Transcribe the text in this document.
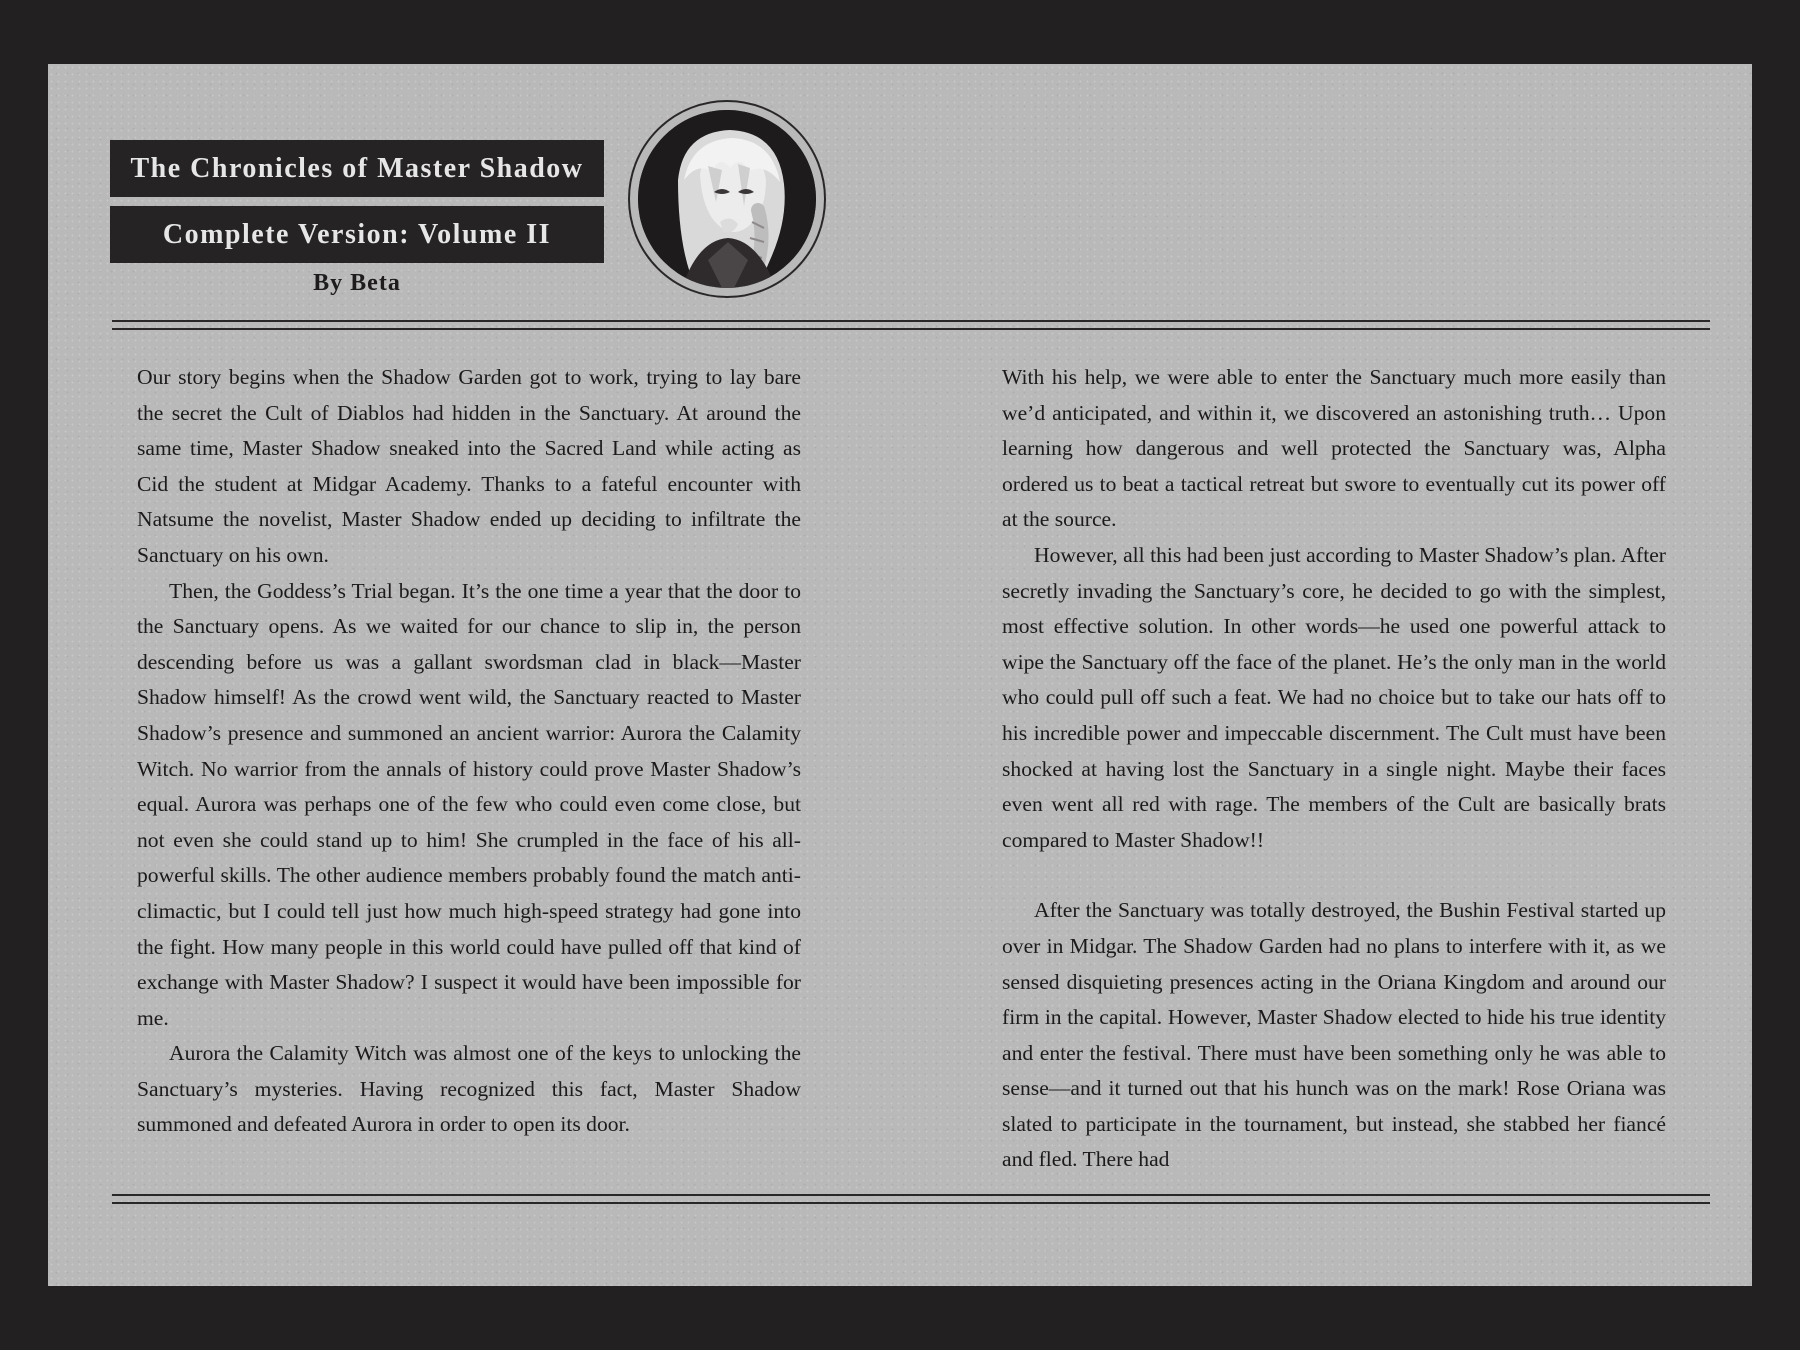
The Chronicles of Master Shadow
Complete Version: Volume II
By Beta

Our story begins when the Shadow Garden got to work, trying to lay bare the secret the Cult of Diablos had hidden in the Sanctuary. At around the same time, Master Shadow sneaked into the Sacred Land while acting as Cid the student at Midgar Academy. Thanks to a fateful encounter with Natsume the novelist, Master Shadow ended up deciding to infiltrate the Sanctuary on his own.

Then, the Goddess’s Trial began. It’s the one time a year that the door to the Sanctuary opens. As we waited for our chance to slip in, the person descending before us was a gallant swordsman clad in black—Master Shadow himself! As the crowd went wild, the Sanctuary reacted to Master Shadow’s presence and summoned an ancient warrior: Aurora the Calamity Witch. No warrior from the annals of history could prove Master Shadow’s equal. Aurora was perhaps one of the few who could even come close, but not even she could stand up to him! She crumpled in the face of his all-powerful skills. The other audience members probably found the match anti-climactic, but I could tell just how much high-speed strategy had gone into the fight. How many people in this world could have pulled off that kind of exchange with Master Shadow? I suspect it would have been impossible for me.

Aurora the Calamity Witch was almost one of the keys to unlocking the Sanctuary’s mysteries. Having recognized this fact, Master Shadow summoned and defeated Aurora in order to open its door.

With his help, we were able to enter the Sanctuary much more easily than we’d anticipated, and within it, we discovered an astonishing truth… Upon learning how dangerous and well protected the Sanctuary was, Alpha ordered us to beat a tactical retreat but swore to eventually cut its power off at the source.

However, all this had been just according to Master Shadow’s plan. After secretly invading the Sanctuary’s core, he decided to go with the simplest, most effective solution. In other words—he used one powerful attack to wipe the Sanctuary off the face of the planet. He’s the only man in the world who could pull off such a feat. We had no choice but to take our hats off to his incredible power and impeccable discernment. The Cult must have been shocked at having lost the Sanctuary in a single night. Maybe their faces even went all red with rage. The members of the Cult are basically brats compared to Master Shadow!!

After the Sanctuary was totally destroyed, the Bushin Festival started up over in Midgar. The Shadow Garden had no plans to interfere with it, as we sensed disquieting presences acting in the Oriana Kingdom and around our firm in the capital. However, Master Shadow elected to hide his true identity and enter the festival. There must have been something only he was able to sense—and it turned out that his hunch was on the mark! Rose Oriana was slated to participate in the tournament, but instead, she stabbed her fiancé and fled. There had
